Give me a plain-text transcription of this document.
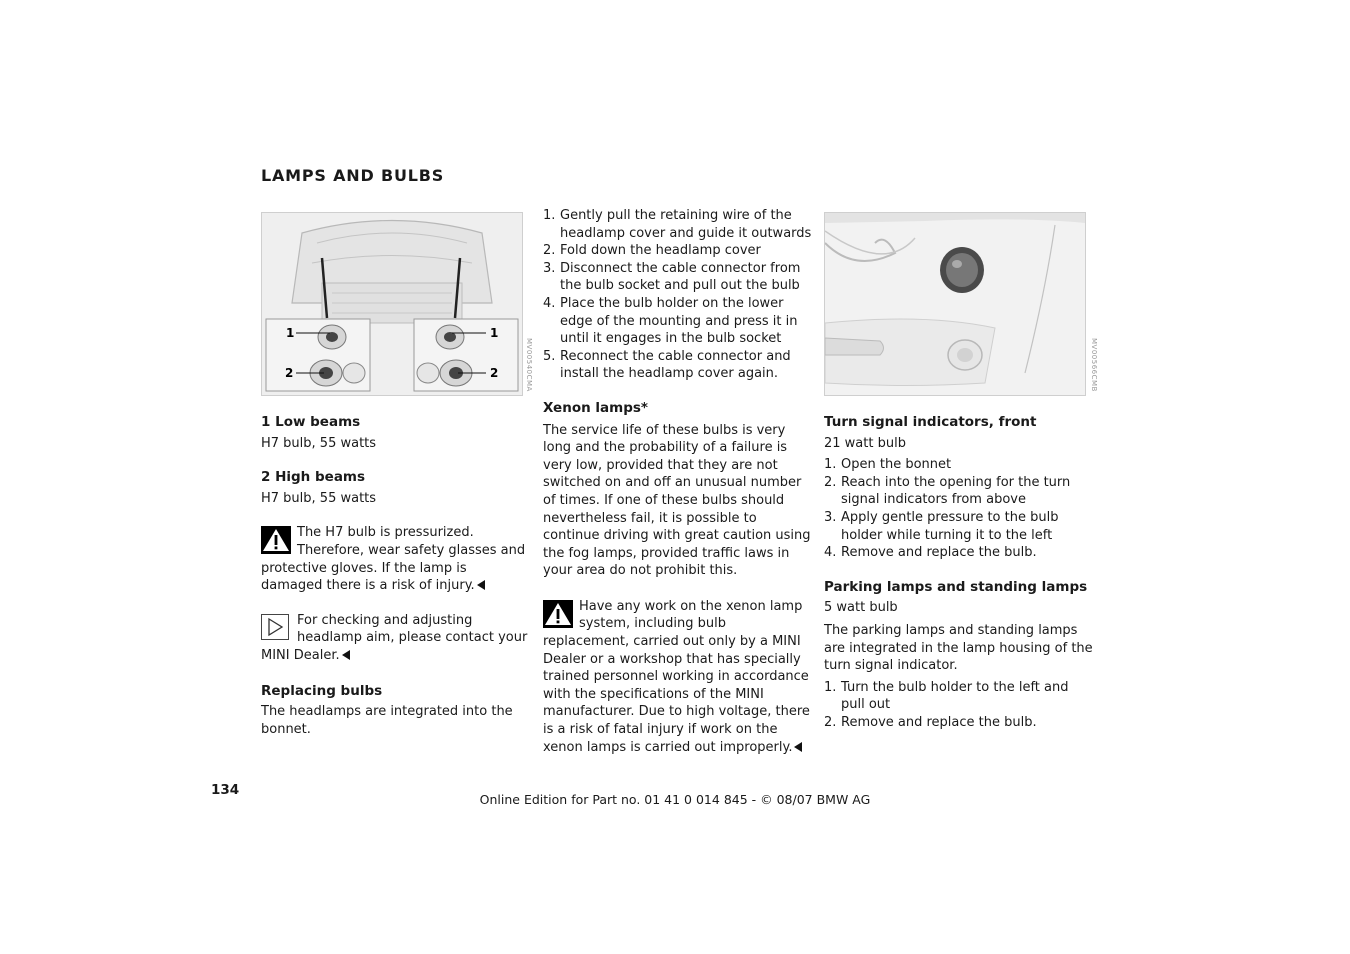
LAMPS AND BULBS
1
2
1
2	MV00540CMA	MV00566CMB

1 Low beams

H7 bulb, 55 watts

2 High beams

H7 bulb, 55 watts

The H7 bulb is pressurized. Therefore, wear safety glasses and protective gloves. If the lamp is damaged there is a risk of injury.
For checking and adjusting headlamp aim, please contact your MINI Dealer.

Replacing bulbs

The headlamps are integrated into the bonnet.

1. Gently pull the retaining wire of the headlamp cover and guide it outwards
2. Fold down the headlamp cover
3. Disconnect the cable connector from the bulb socket and pull out the bulb
4. Place the bulb holder on the lower edge of the mounting and press it in until it engages in the bulb socket
5. Reconnect the cable connector and install the headlamp cover again.

Xenon lamps*

The service life of these bulbs is very long and the probability of a failure is very low, provided that they are not switched on and off an unusual number of times. If one of these bulbs should nevertheless fail, it is possible to continue driving with great caution using the fog lamps, provided traffic laws in your area do not prohibit this.

Have any work on the xenon lamp system, including bulb replacement, carried out only by a MINI Dealer or a workshop that has specially trained personnel working in accordance with the specifications of the MINI manufacturer. Due to high voltage, there is a risk of fatal injury if work on the xenon lamps is carried out improperly.

Turn signal indicators, front

21 watt bulb

1. Open the bonnet
2. Reach into the opening for the turn signal indicators from above
3. Apply gentle pressure to the bulb holder while turning it to the left
4. Remove and replace the bulb.

Parking lamps and standing lamps

5 watt bulb

The parking lamps and standing lamps are integrated in the lamp housing of the turn signal indicator.

1. Turn the bulb holder to the left and pull out
2. Remove and replace the bulb.
134
Online Edition for Part no. 01 41 0 014 845 - © 08/07 BMW AG
